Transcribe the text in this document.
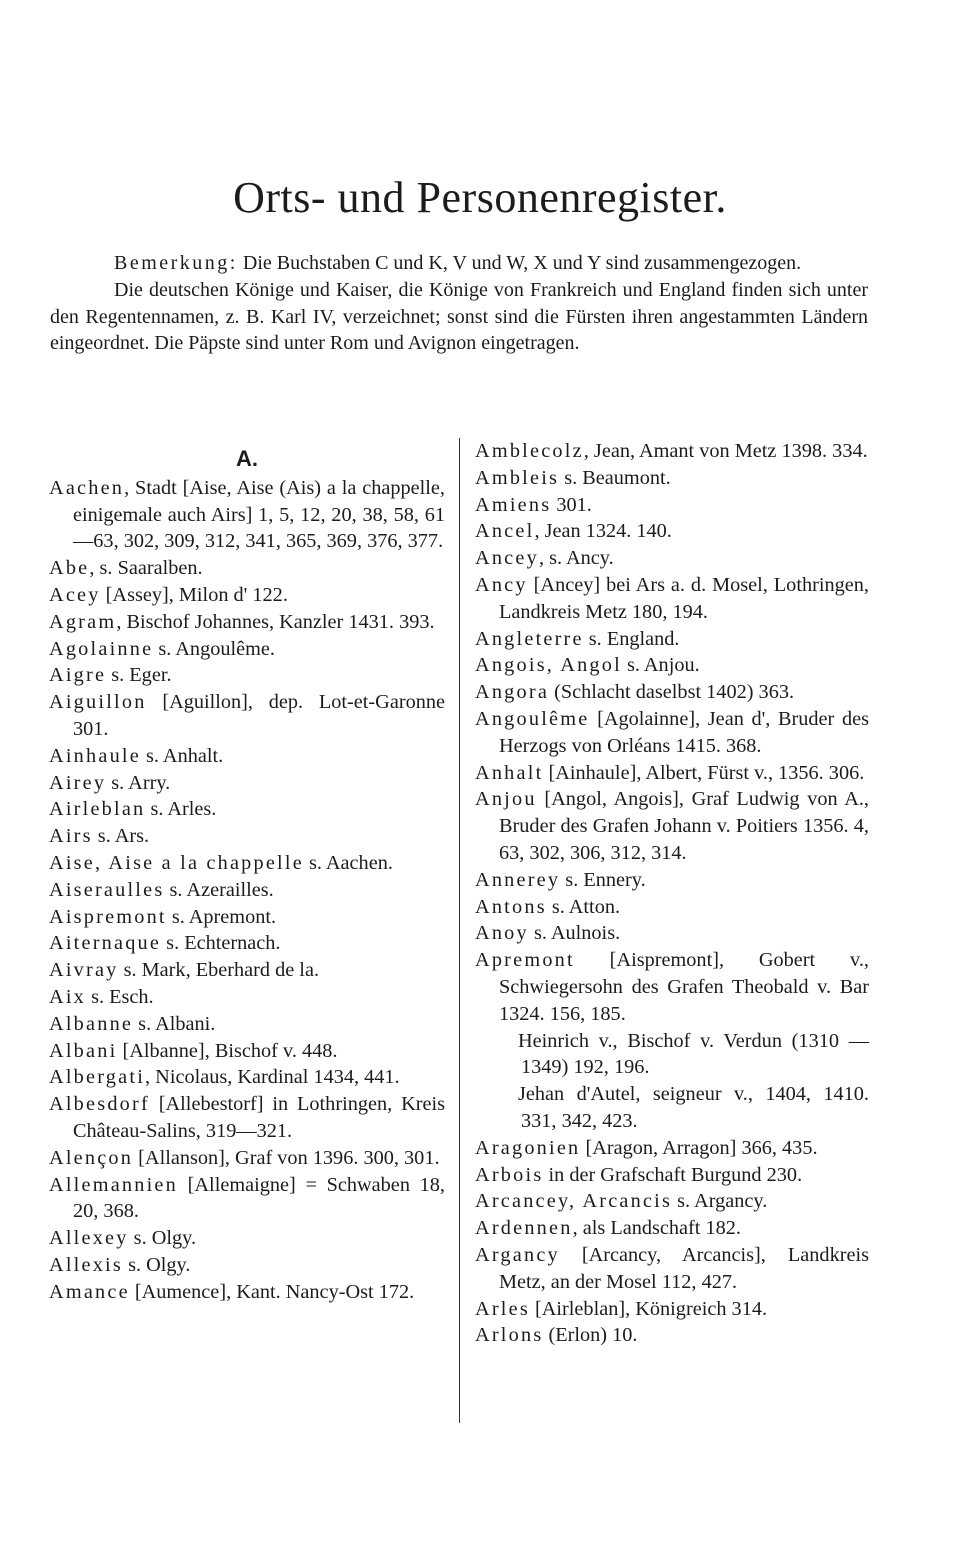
Orts- und Personenregister.

Bemerkung: Die Buchstaben C und K, V und W, X und Y sind zusammengezogen.

Die deutschen Könige und Kaiser, die Könige von Frankreich und England finden sich unter den Regentennamen, z. B. Karl IV, verzeichnet; sonst sind die Fürsten ihren angestammten Ländern eingeordnet. Die Päpste sind unter Rom und Avignon eingetragen.

A.
Aachen, Stadt [Aise, Aise (Ais) a la chappelle, einigemale auch Airs] 1, 5, 12, 20, 38, 58, 61—63, 302, 309, 312, 341, 365, 369, 376, 377.
Abe, s. Saaralben.
Acey [Assey], Milon d' 122.
Agram, Bischof Johannes, Kanzler 1431. 393.
Agolainne s. Angoulême.
Aigre s. Eger.
Aiguillon [Aguillon], dep. Lot-et-Garonne 301.
Ainhaule s. Anhalt.
Airey s. Arry.
Airleblan s. Arles.
Airs s. Ars.
Aise, Aise a la chappelle s. Aachen.
Aiseraulles s. Azerailles.
Aispremont s. Apremont.
Aiternaque s. Echternach.
Aivray s. Mark, Eberhard de la.
Aix s. Esch.
Albanne s. Albani.
Albani [Albanne], Bischof v. 448.
Albergati, Nicolaus, Kardinal 1434, 441.
Albesdorf [Allebestorf] in Lothringen, Kreis Château-Salins, 319—321.
Alençon [Allanson], Graf von 1396. 300, 301.
Allemannien [Allemaigne] = Schwaben 18, 20, 368.
Allexey s. Olgy.
Allexis s. Olgy.
Amance [Aumence], Kant. Nancy-Ost 172.
Amblecolz, Jean, Amant von Metz 1398. 334.
Ambleis s. Beaumont.
Amiens 301.
Ancel, Jean 1324. 140.
Ancey, s. Ancy.
Ancy [Ancey] bei Ars a. d. Mosel, Lothringen, Landkreis Metz 180, 194.
Angleterre s. England.
Angois, Angol s. Anjou.
Angora (Schlacht daselbst 1402) 363.
Angoulême [Agolainne], Jean d', Bruder des Herzogs von Orléans 1415. 368.
Anhalt [Ainhaule], Albert, Fürst v., 1356. 306.
Anjou [Angol, Angois], Graf Ludwig von A., Bruder des Grafen Johann v. Poitiers 1356. 4, 63, 302, 306, 312, 314.
Annerey s. Ennery.
Antons s. Atton.
Anoy s. Aulnois.
Apremont [Aispremont], Gobert v., Schwiegersohn des Grafen Theobald v. Bar 1324. 156, 185.
Heinrich v., Bischof v. Verdun (1310 —1349) 192, 196.
Jehan d'Autel, seigneur v., 1404, 1410. 331, 342, 423.
Aragonien [Aragon, Arragon] 366, 435.
Arbois in der Grafschaft Burgund 230.
Arcancey, Arcancis s. Argancy.
Ardennen, als Landschaft 182.
Argancy [Arcancy, Arcancis], Landkreis Metz, an der Mosel 112, 427.
Arles [Airleblan], Königreich 314.
Arlons (Erlon) 10.
